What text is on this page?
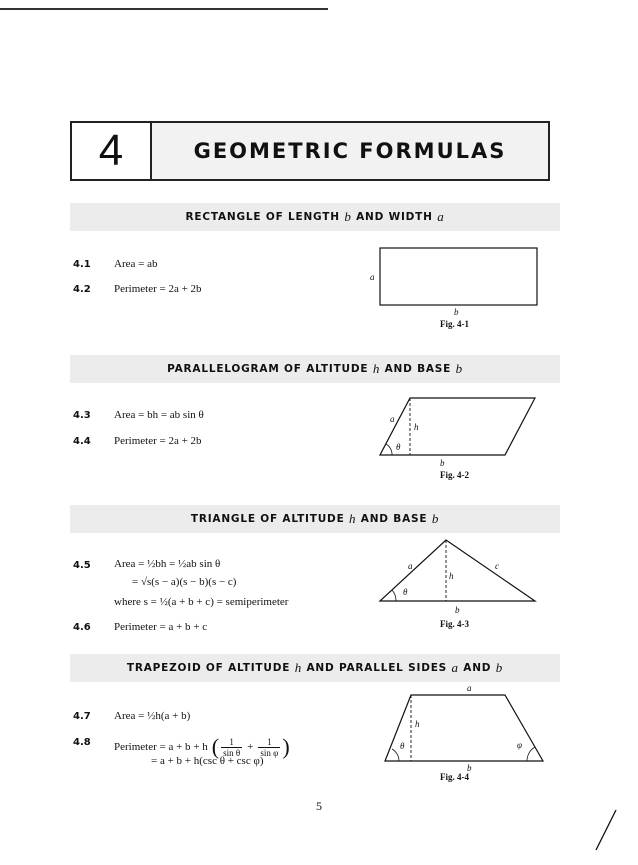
4	GEOMETRIC FORMULAS
RECTANGLE OF LENGTH
b
AND WIDTH
a
4.1 Area = ab
4.2 Perimeter = 2a + 2b
a
b
Fig. 4-1
PARALLELOGRAM OF ALTITUDE
h
AND BASE
b
4.3 Area = bh = ab sin θ
4.4 Perimeter = 2a + 2b
a
h
θ
b
Fig. 4-2
TRIANGLE OF ALTITUDE
h
AND BASE
b
4.5 Area = ½bh = ½ab sin θ
= √s(s − a)(s − b)(s − c)
where s = ½(a + b + c) = semiperimeter
4.6 Perimeter = a + b + c
a	c
h
θ
b
Fig. 4-3
TRAPEZOID OF ALTITUDE
h
AND PARALLEL SIDES
a
AND
b
4.7 Area = ½h(a + b)
4.8 Perimeter = a + b + h ( $\frac{1}{\text{sin θ}} + \frac{1}{\text{sin φ}}$ )
= a + b + h(csc θ + csc φ)
a
h
θ	φ
b
Fig. 4-4
5
